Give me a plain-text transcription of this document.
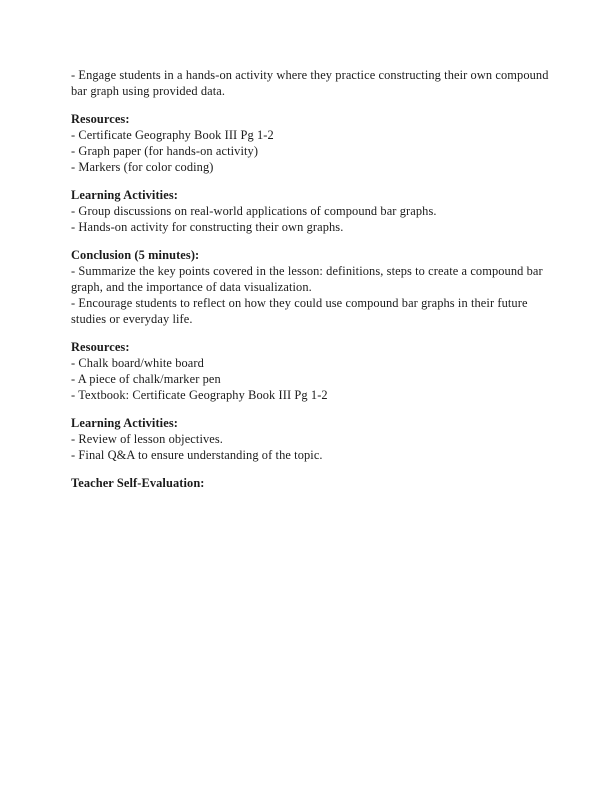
- Engage students in a hands-on activity where they practice constructing their own compound
bar graph using provided data.
Resources:
- Certificate Geography Book III Pg 1-2
- Graph paper (for hands-on activity)
- Markers (for color coding)
Learning Activities:
- Group discussions on real-world applications of compound bar graphs.
- Hands-on activity for constructing their own graphs.
Conclusion (5 minutes):
- Summarize the key points covered in the lesson: definitions, steps to create a compound bar
graph, and the importance of data visualization.
- Encourage students to reflect on how they could use compound bar graphs in their future
studies or everyday life.
Resources:
- Chalk board/white board
- A piece of chalk/marker pen
- Textbook: Certificate Geography Book III Pg 1-2
Learning Activities:
- Review of lesson objectives.
- Final Q&A to ensure understanding of the topic.
Teacher Self-Evaluation:
